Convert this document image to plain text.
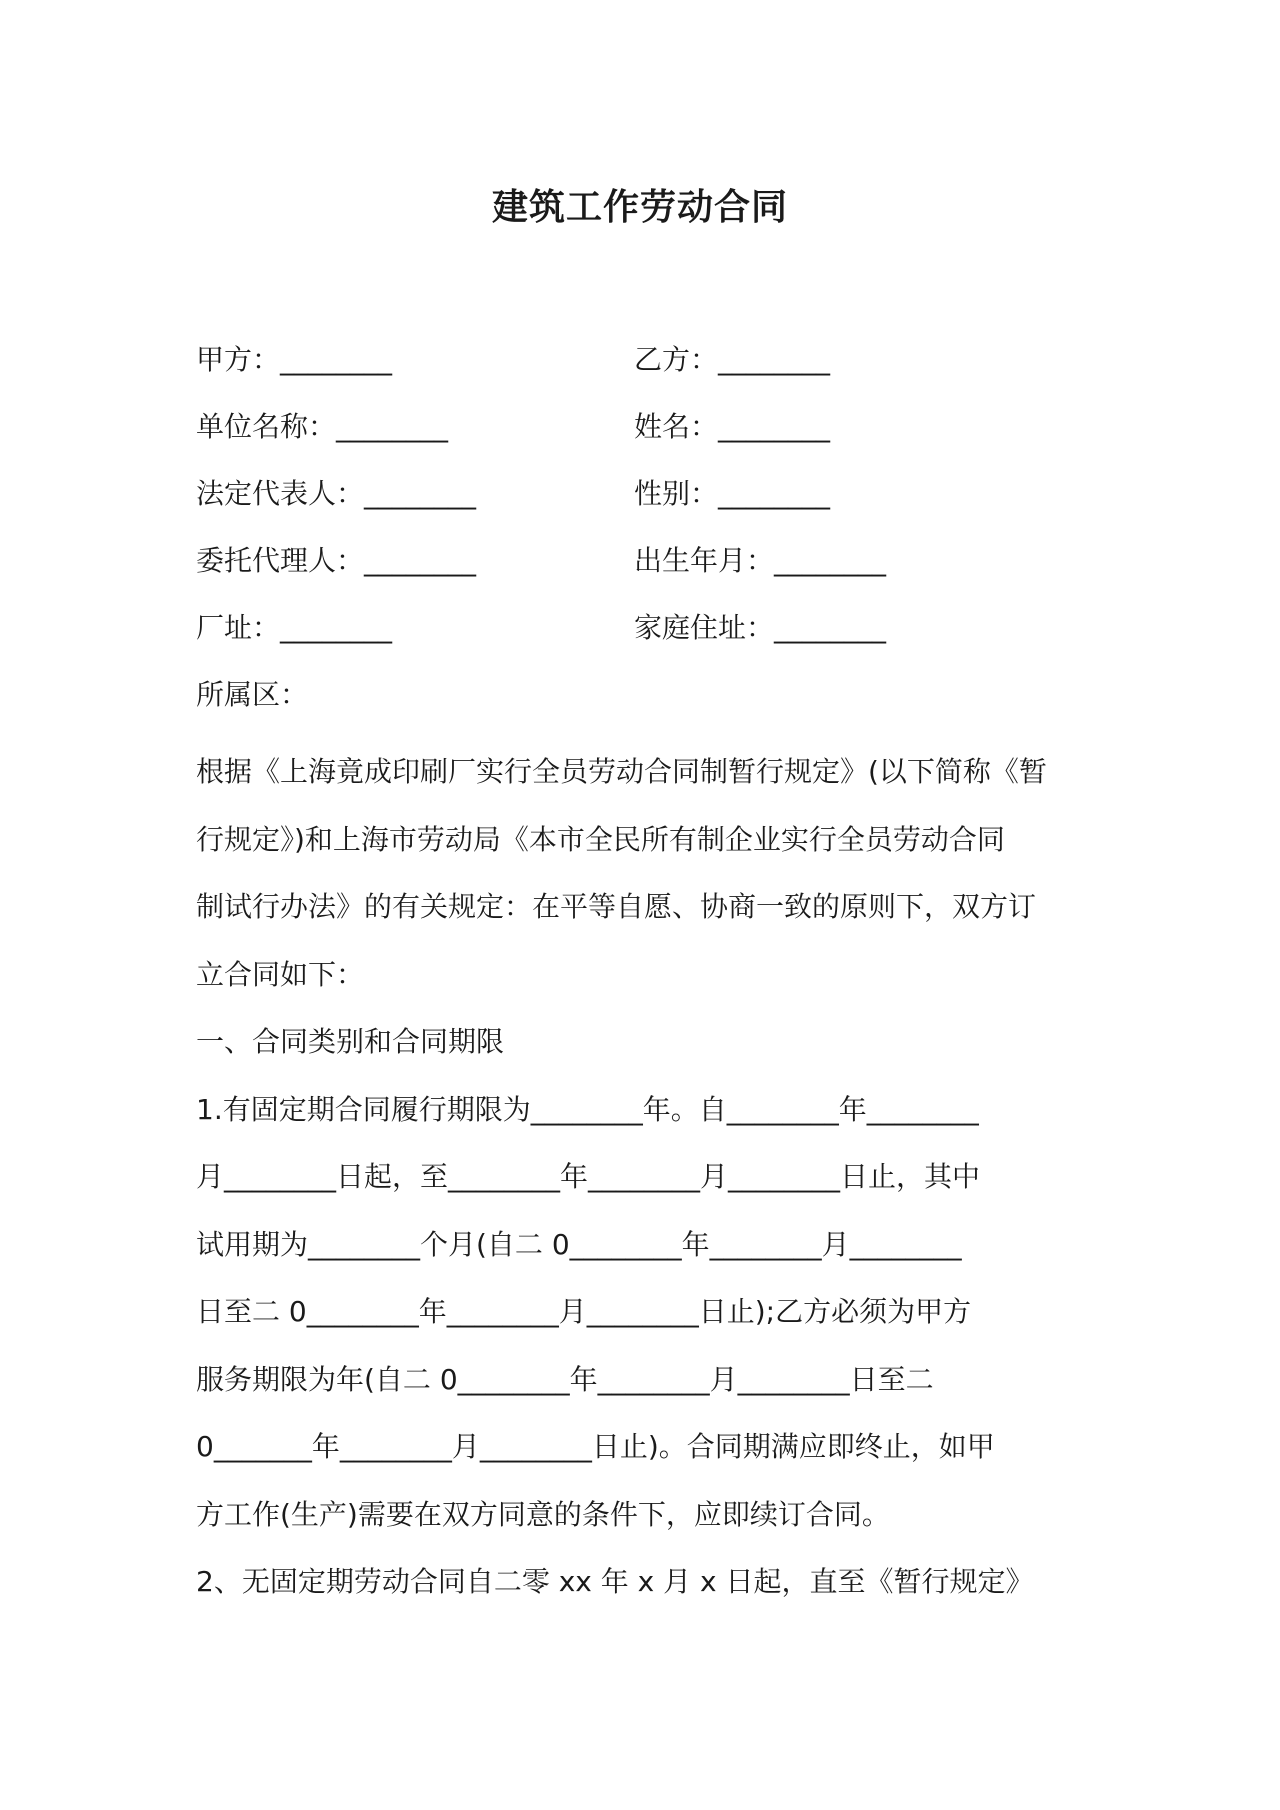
建筑工作劳动合同
甲方：________	乙方：________
单位名称：________	姓名：________
法定代表人：________	性别：________
委托代理人：________	出生年月：________
厂址：________	家庭住址：________
所属区：
根据《上海竟成印刷厂实行全员劳动合同制暂行规定》(以下简称《暂
行规定》)和上海市劳动局《本市全民所有制企业实行全员劳动合同
制试行办法》的有关规定：在平等自愿、协商一致的原则下，双方订
立合同如下：
一、合同类别和合同期限
1.有固定期合同履行期限为________年。自________年________
月________日起，至________年________月________日止，其中
试用期为________个月(自二 0________年________月________
日至二 0________年________月________日止);乙方必须为甲方
服务期限为年(自二 0________年________月________日至二
0_______年________月________日止)。合同期满应即终止，如甲
方工作(生产)需要在双方同意的条件下，应即续订合同。
2、无固定期劳动合同自二零 xx 年 x 月 x 日起，直至《暂行规定》
